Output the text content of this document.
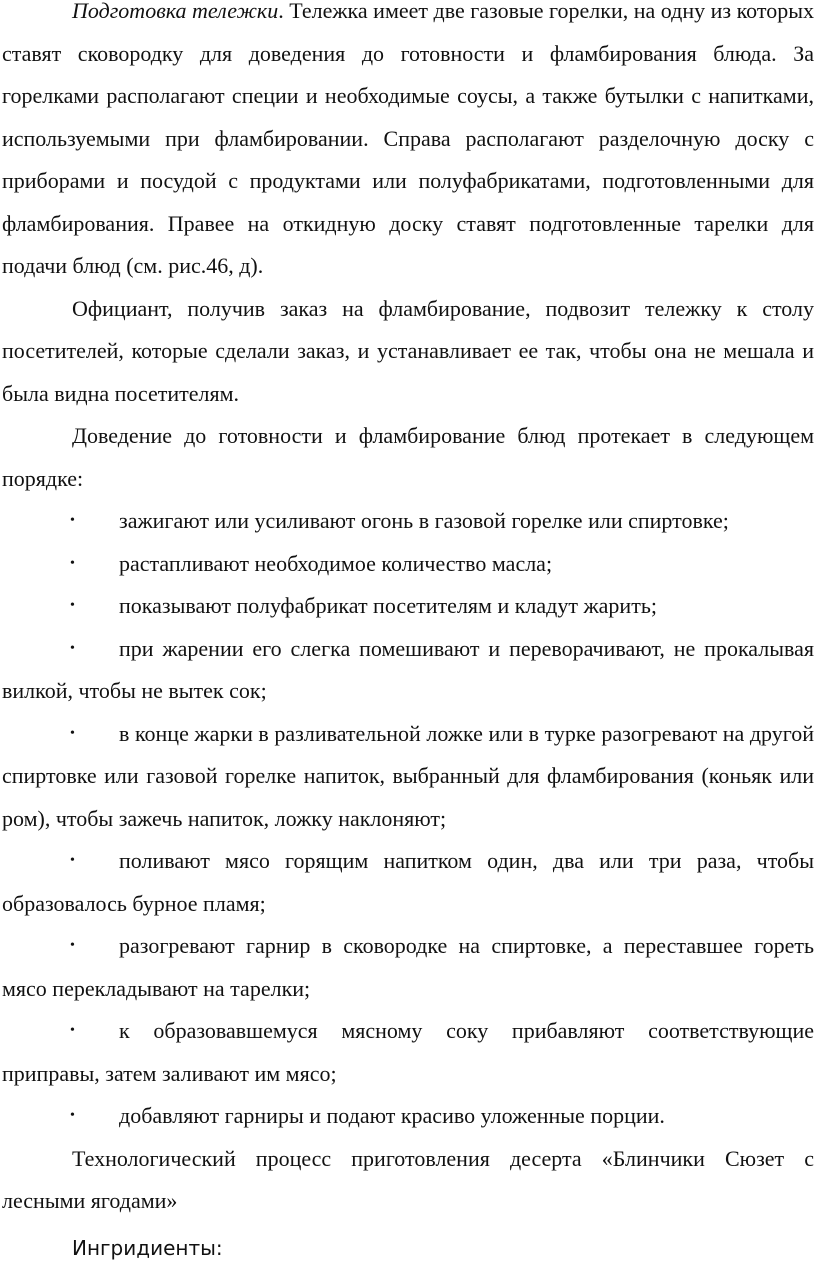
Подготовка тележки. Тележка имеет две газовые горелки, на одну из которых ставят сковородку для доведения до готовности и фламбирования блюда. За горелками располагают специи и необходимые соусы, а также бутылки с напитками, используемыми при фламбировании. Справа располагают разделочную доску с приборами и посудой с продуктами или полуфабрикатами, подготовленными для фламбирования. Правее на откидную доску ставят подготовленные тарелки для подачи блюд (см. рис.46, д).

Официант, получив заказ на фламбирование, подвозит тележку к столу посетителей, которые сделали заказ, и устанавливает ее так, чтобы она не мешала и была видна посетителям.

Доведение до готовности и фламбирование блюд протекает в следующем порядке:

• зажигают или усиливают огонь в газовой горелке или спиртовке;
• растапливают необходимое количество масла;
• показывают полуфабрикат посетителям и кладут жарить;
• при жарении его слегка помешивают и переворачивают, не прокалывая вилкой, чтобы не вытек сок;
• в конце жарки в разливательной ложке или в турке разогревают на другой спиртовке или газовой горелке напиток, выбранный для фламбирования (коньяк или ром), чтобы зажечь напиток, ложку наклоняют;
• поливают мясо горящим напитком один, два или три раза, чтобы образовалось бурное пламя;
• разогревают гарнир в сковородке на спиртовке, а переставшее гореть мясо перекладывают на тарелки;
• к образовавшемуся мясному соку прибавляют соответствующие приправы, затем заливают им мясо;
• добавляют гарниры и подают красиво уложенные порции.

Технологический процесс приготовления десерта «Блинчики Сюзет с лесными ягодами»

Ингридиенты:
